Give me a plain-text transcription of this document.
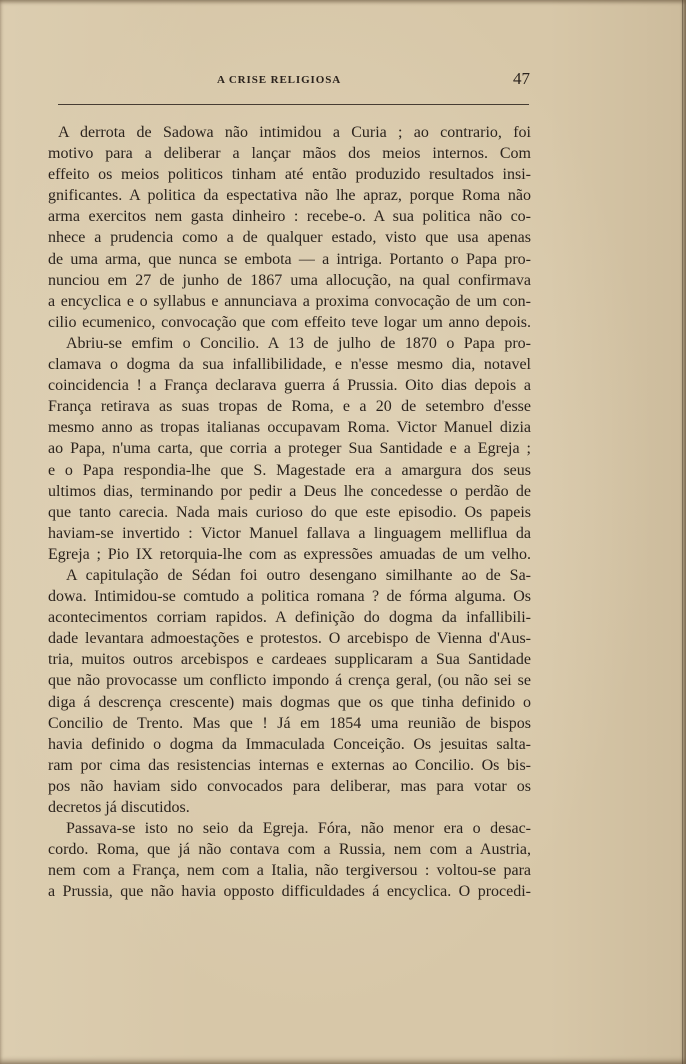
A CRISE RELIGIOSA	47
A derrota de Sadowa não intimidou a Curia ; ao contrario, foi
motivo para a deliberar a lançar mãos dos meios internos. Com
effeito os meios politicos tinham até então produzido resultados insi-
gnificantes. A politica da espectativa não lhe apraz, porque Roma não
arma exercitos nem gasta dinheiro : recebe-o. A sua politica não co-
nhece a prudencia como a de qualquer estado, visto que usa apenas
de uma arma, que nunca se embota — a intriga. Portanto o Papa pro-
nunciou em 27 de junho de 1867 uma allocução, na qual confirmava
a encyclica e o syllabus e annunciava a proxima convocação de um con-
cilio ecumenico, convocação que com effeito teve logar um anno depois.
Abriu-se emfim o Concilio. A 13 de julho de 1870 o Papa pro-
clamava o dogma da sua infallibilidade, e n'esse mesmo dia, notavel
coincidencia ! a França declarava guerra á Prussia. Oito dias depois a
França retirava as suas tropas de Roma, e a 20 de setembro d'esse
mesmo anno as tropas italianas occupavam Roma. Victor Manuel dizia
ao Papa, n'uma carta, que corria a proteger Sua Santidade e a Egreja ;
e o Papa respondia-lhe que S. Magestade era a amargura dos seus
ultimos dias, terminando por pedir a Deus lhe concedesse o perdão de
que tanto carecia. Nada mais curioso do que este episodio. Os papeis
haviam-se invertido : Victor Manuel fallava a linguagem melliflua da
Egreja ; Pio IX retorquia-lhe com as expressões amuadas de um velho.
A capitulação de Sédan foi outro desengano similhante ao de Sa-
dowa. Intimidou-se comtudo a politica romana ? de fórma alguma. Os
acontecimentos corriam rapidos. A definição do dogma da infallibili-
dade levantara admoestações e protestos. O arcebispo de Vienna d'Aus-
tria, muitos outros arcebispos e cardeaes supplicaram a Sua Santidade
que não provocasse um conflicto impondo á crença geral, (ou não sei se
diga á descrença crescente) mais dogmas que os que tinha definido o
Concilio de Trento. Mas que ! Já em 1854 uma reunião de bispos
havia definido o dogma da Immaculada Conceição. Os jesuitas salta-
ram por cima das resistencias internas e externas ao Concilio. Os bis-
pos não haviam sido convocados para deliberar, mas para votar os
decretos já discutidos.
Passava-se isto no seio da Egreja. Fóra, não menor era o desac-
cordo. Roma, que já não contava com a Russia, nem com a Austria,
nem com a França, nem com a Italia, não tergiversou : voltou-se para
a Prussia, que não havia opposto difficuldades á encyclica. O procedi-
